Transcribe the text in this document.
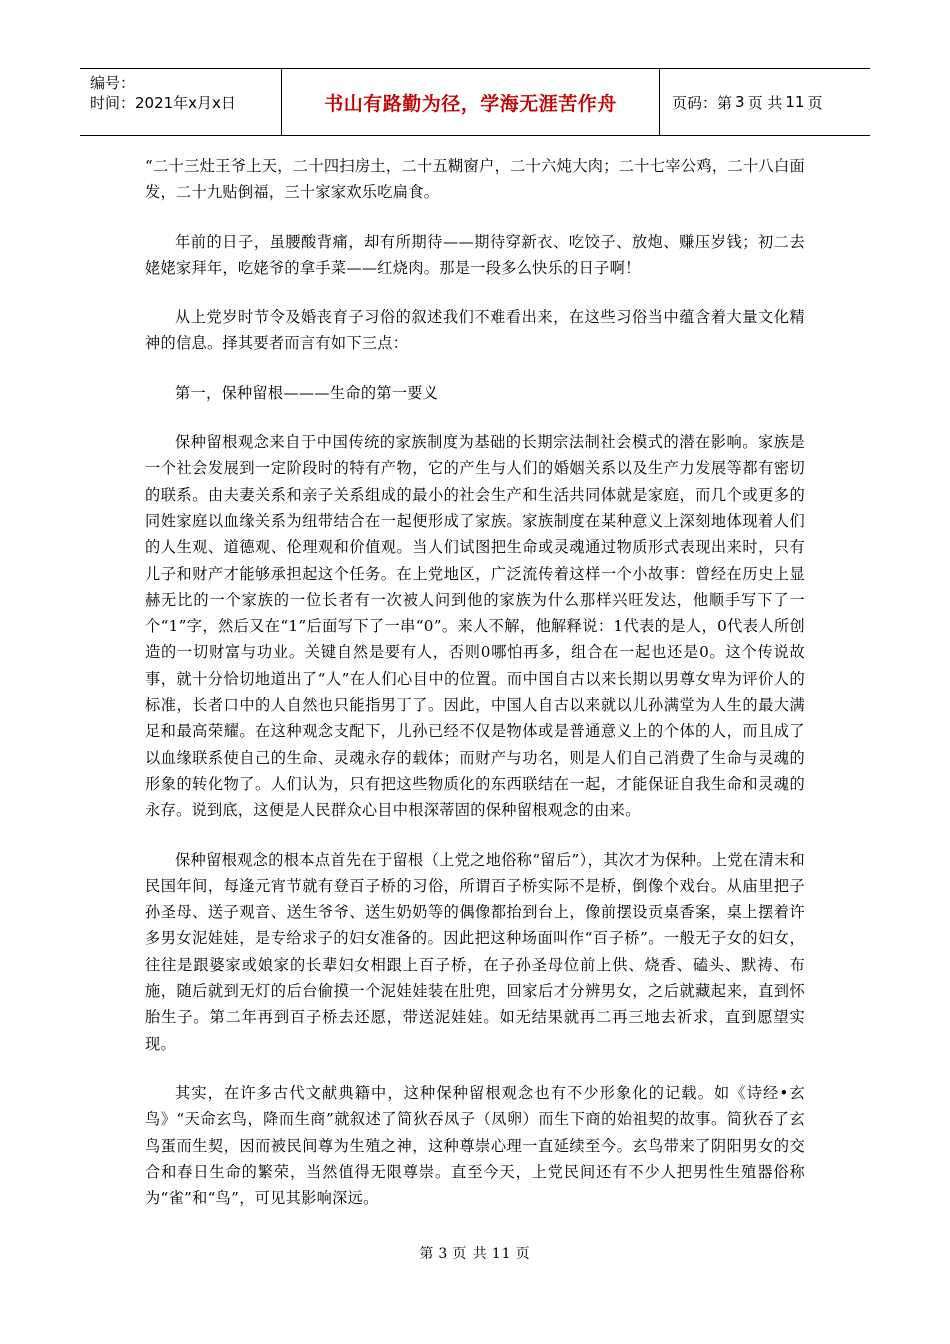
编号：
时间：2021年x月x日	书山有路勤为径，学海无涯苦作舟	页码：第 3 页 共 11 页

“二十三灶王爷上天，二十四扫房土，二十五糊窗户，二十六炖大肉；二十七宰公鸡，二十八白面发，二十九贴倒福，三十家家欢乐吃扁食。

年前的日子，虽腰酸背痛，却有所期待——期待穿新衣、吃饺子、放炮、赚压岁钱；初二去姥姥家拜年，吃姥爷的拿手菜——红烧肉。那是一段多么快乐的日子啊！

从上党岁时节令及婚丧育子习俗的叙述我们不难看出来，在这些习俗当中蕴含着大量文化精神的信息。择其要者而言有如下三点：

第一，保种留根———生命的第一要义

保种留根观念来自于中国传统的家族制度为基础的长期宗法制社会模式的潜在影响。家族是一个社会发展到一定阶段时的特有产物，它的产生与人们的婚姻关系以及生产力发展等都有密切的联系。由夫妻关系和亲子关系组成的最小的社会生产和生活共同体就是家庭，而几个或更多的同姓家庭以血缘关系为纽带结合在一起便形成了家族。家族制度在某种意义上深刻地体现着人们的人生观、道德观、伦理观和价值观。当人们试图把生命或灵魂通过物质形式表现出来时，只有儿子和财产才能够承担起这个任务。在上党地区，广泛流传着这样一个小故事：曾经在历史上显赫无比的一个家族的一位长者有一次被人问到他的家族为什么那样兴旺发达，他顺手写下了一个“1”字，然后又在“1”后面写下了一串“0”。来人不解，他解释说：1代表的是人，0代表人所创造的一切财富与功业。关键自然是要有人，否则0哪怕再多，组合在一起也还是0。这个传说故事，就十分恰切地道出了“人”在人们心目中的位置。而中国自古以来长期以男尊女卑为评价人的标准，长者口中的人自然也只能指男丁了。因此，中国人自古以来就以儿孙满堂为人生的最大满足和最高荣耀。在这种观念支配下，儿孙已经不仅是物体或是普通意义上的个体的人，而且成了以血缘联系使自己的生命、灵魂永存的载体；而财产与功名，则是人们自己消费了生命与灵魂的形象的转化物了。人们认为，只有把这些物质化的东西联结在一起，才能保证自我生命和灵魂的永存。说到底，这便是人民群众心目中根深蒂固的保种留根观念的由来。

保种留根观念的根本点首先在于留根（上党之地俗称“留后”），其次才为保种。上党在清末和民国年间，每逢元宵节就有登百子桥的习俗，所谓百子桥实际不是桥，倒像个戏台。从庙里把子孙圣母、送子观音、送生爷爷、送生奶奶等的偶像都抬到台上，像前摆设贡桌香案，桌上摆着许多男女泥娃娃，是专给求子的妇女准备的。因此把这种场面叫作“百子桥”。一般无子女的妇女，往往是跟婆家或娘家的长辈妇女相跟上百子桥，在子孙圣母位前上供、烧香、磕头、默祷、布施，随后就到无灯的后台偷摸一个泥娃娃装在肚兜，回家后才分辨男女，之后就藏起来，直到怀胎生子。第二年再到百子桥去还愿，带送泥娃娃。如无结果就再二再三地去祈求，直到愿望实现。

其实，在许多古代文献典籍中，这种保种留根观念也有不少形象化的记载。如《诗经•玄鸟》“天命玄鸟，降而生商”就叙述了简狄吞凤子（凤卵）而生下商的始祖契的故事。简狄吞了玄鸟蛋而生契，因而被民间尊为生殖之神，这种尊崇心理一直延续至今。玄鸟带来了阴阳男女的交合和春日生命的繁荣，当然值得无限尊崇。直至今天，上党民间还有不少人把男性生殖器俗称为“雀”和“鸟”，可见其影响深远。

第 3 页 共 11 页
